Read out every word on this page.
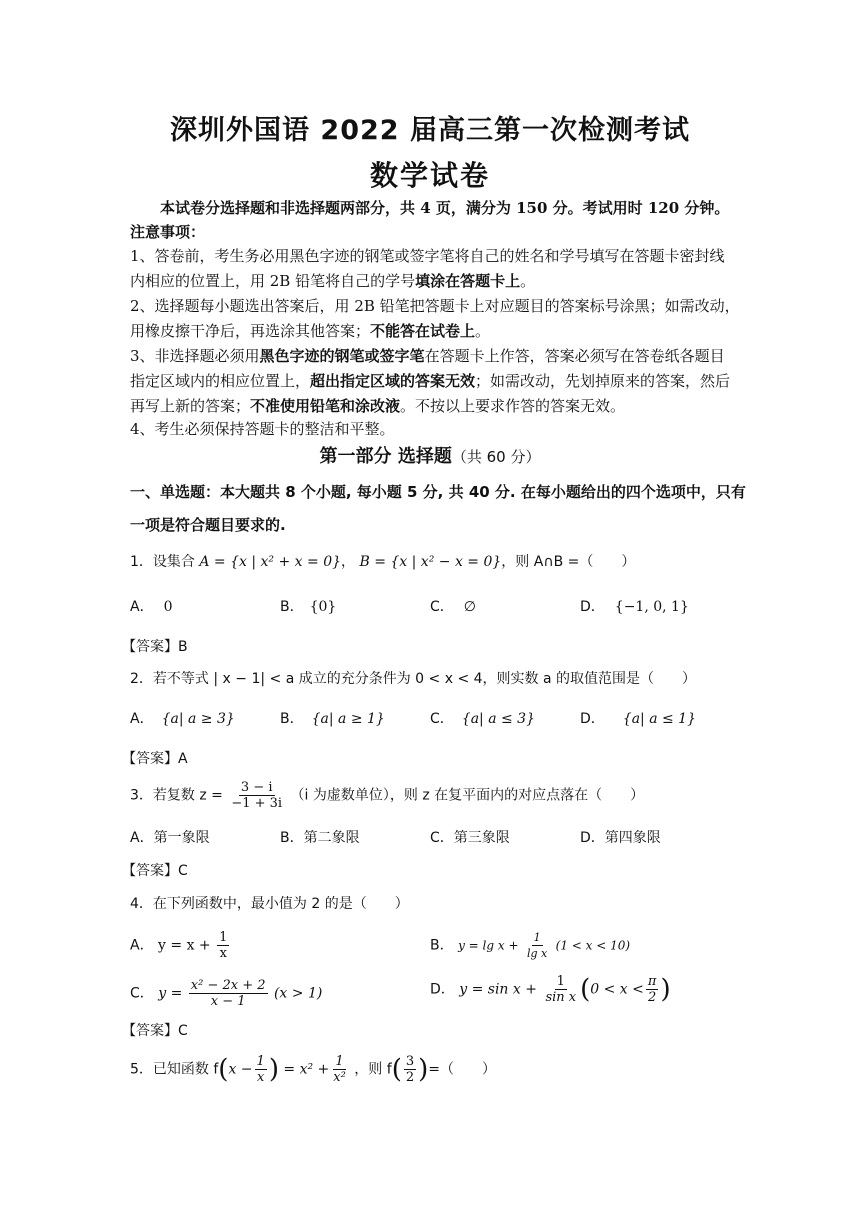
深圳外国语 2022 届高三第一次检测考试
数学试卷
本试卷分选择题和非选择题两部分，共 4 页，满分为 150 分。考试用时 120 分钟。
注意事项：
1、答卷前，考生务必用黑色字迹的钢笔或签字笔将自己的姓名和学号填写在答题卡密封线
内相应的位置上，用 2B 铅笔将自己的学号填涂在答题卡上。
2、选择题每小题选出答案后，用 2B 铅笔把答题卡上对应题目的答案标号涂黑；如需改动，
用橡皮擦干净后，再选涂其他答案；不能答在试卷上。
3、非选择题必须用黑色字迹的钢笔或签字笔在答题卡上作答，答案必须写在答卷纸各题目
指定区域内的相应位置上，超出指定区域的答案无效；如需改动，先划掉原来的答案，然后
再写上新的答案；不准使用铅笔和涂改液。不按以上要求作答的答案无效。
4、考生必须保持答题卡的整洁和平整。
第一部分 选择题（共 60 分）
一、单选题：本大题共 8 个小题, 每小题 5 分, 共 40 分. 在每小题给出的四个选项中，只有
一项是符合题目要求的.
1．设集合 A = {x | x² + x = 0}， B = {x | x² − x = 0}，则 A∩B =（　　）
A． 0	B． {0}	C． ∅	D． {−1, 0, 1}
【答案】B
2．若不等式 | x − 1| < a 成立的充分条件为 0 < x < 4，则实数 a 的取值范围是（　　）
A． {a| a ≥ 3}	B． {a| a ≥ 1}	C． {a| a ≤ 3}	D． {a| a ≤ 1}
【答案】A
3．若复数 $z = \frac{3 - i}{-1 + 3i} (i$ 为虚数单位），则 z 在复平面内的对应点落在（　　）
A．第一象限	B．第二象限	C．第三象限	D．第四象限
【答案】C
4．在下列函数中，最小值为 2 的是（　　）
A． $y = x + \frac{1}{x}$	B． $y = \lg x + \frac{1}{\text{lg x}} (1 < x < 10)$
C． $y = \frac{\text{x² − 2x + 2}}{x - 1} (x > 1)$	D． $y = \sin x + \frac{1}{\text{sin x}} (0 < x < \frac{\pi}{2}$ )
【答案】C
5．已知函数 $f(x - \frac{1}{x}$ ) = $x^2 + \frac{1}{\text{x²}}$ ，则 $f( \frac{3}{2}$ )=（　　）
